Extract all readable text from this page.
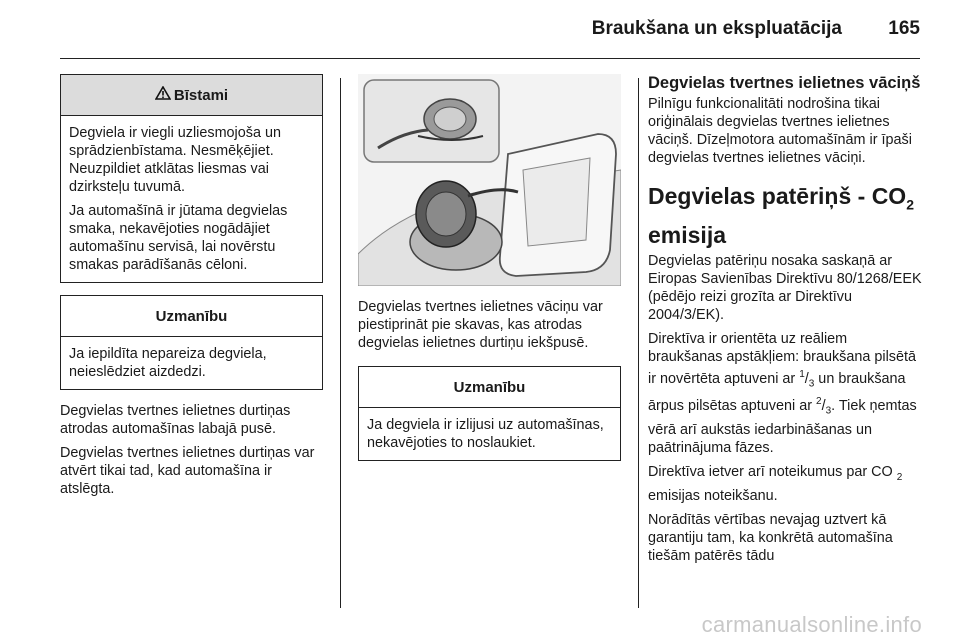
Braukšana un ekspluatācija 165
Bīstami

Degviela ir viegli uzliesmojoša un sprādzienbīstama. Nesmēķējiet. Neuzpildiet atklātas liesmas vai dzirksteļu tuvumā.

Ja automašīnā ir jūtama degvielas smaka, nekavējoties nogādājiet automašīnu servisā, lai novērstu smakas parādīšanās cēloni.

Uzmanību

Ja iepildīta nepareiza degviela, neieslēdziet aizdedzi.

Degvielas tvertnes ielietnes durtiņas atrodas automašīnas labajā pusē.

Degvielas tvertnes ielietnes durtiņas var atvērt tikai tad, kad automašīna ir atslēgta.

Degvielas tvertnes ielietnes vāciņu var piestiprināt pie skavas, kas atrodas degvielas ielietnes durtiņu iekšpusē.

Uzmanību

Ja degviela ir izlijusi uz automašīnas, nekavējoties to noslaukiet.

Degvielas tvertnes ielietnes vāciņš

Pilnīgu funkcionalitāti nodrošina tikai oriģinālais degvielas tvertnes ielietnes vāciņš. Dīzeļmotora automašīnām ir īpaši degvielas tvertnes ielietnes vāciņi.

Degvielas patēriņš - $CO_2$
emisija

Degvielas patēriņu nosaka saskaņā ar Eiropas Savienības Direktīvu 80/1268/EEK (pēdējo reizi grozīta ar Direktīvu 2004/3/EK).

Direktīva ir orientēta uz reāliem braukšanas apstākļiem: braukšana pilsētā ir novērtēta aptuveni ar $^1/_3$ un braukšana ārpus pilsētas aptuveni ar $^2/_3$. Tiek ņemtas vērā arī aukstās iedarbināšanas un paātrinājuma fāzes.

Direktīva ietver arī noteikumus par CO $_2$ emisijas noteikšanu.

Norādītās vērtības nevajag uztvert kā garantiju tam, ka konkrētā automašīna tiešām patērēs tādu

carmanualsonline.info
